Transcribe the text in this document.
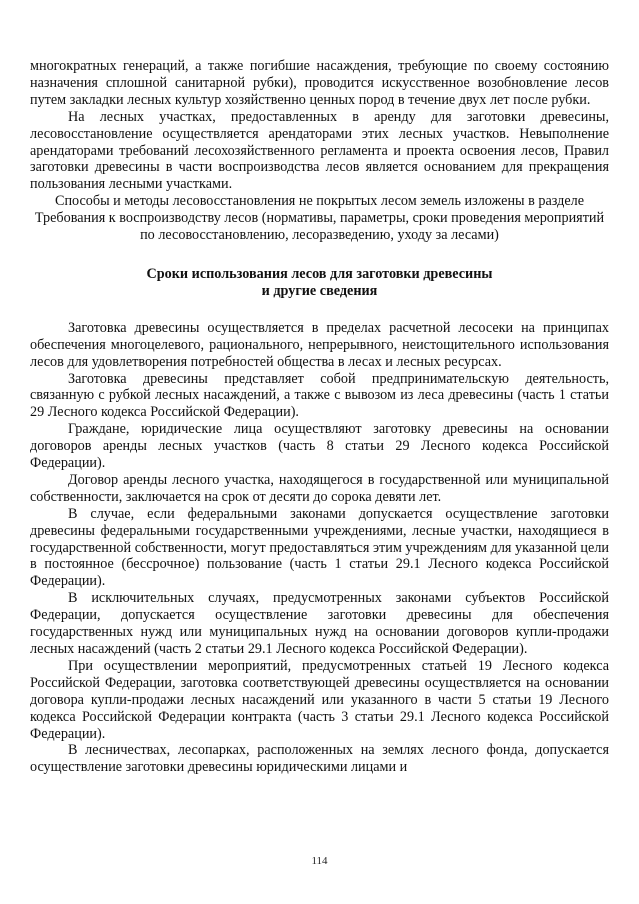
многократных генераций, а также погибшие насаждения, требующие по своему состоянию назначения сплошной санитарной рубки), проводится искусственное возобновление лесов путем закладки лесных культур хозяйственно ценных пород в течение двух лет после рубки.

На лесных участках, предоставленных в аренду для заготовки древесины, лесовосстановление осуществляется арендаторами этих лесных участков. Невыполнение арендаторами требований лесохозяйственного регламента и проекта освоения лесов, Правил заготовки древесины в части воспроизводства лесов является основанием для прекращения пользования лесными участками.

Способы и методы лесовосстановления не покрытых лесом земель изложены в разделе Требования к воспроизводству лесов (нормативы, параметры, сроки проведения мероприятий по лесовосстановлению, лесоразведению, уходу за лесами)

Сроки использования лесов для заготовки древесины
и другие сведения

Заготовка древесины осуществляется в пределах расчетной лесосеки на принципах обеспечения многоцелевого, рационального, непрерывного, неистощительного использования лесов для удовлетворения потребностей общества в лесах и лесных ресурсах.

Заготовка древесины представляет собой предпринимательскую деятельность, связанную с рубкой лесных насаждений, а также с вывозом из леса древесины (часть 1 статьи 29 Лесного кодекса Российской Федерации).

Граждане, юридические лица осуществляют заготовку древесины на основании договоров аренды лесных участков (часть 8 статьи 29 Лесного кодекса Российской Федерации).

Договор аренды лесного участка, находящегося в государственной или муниципальной собственности, заключается на срок от десяти до сорока девяти лет.

В случае, если федеральными законами допускается осуществление заготовки древесины федеральными государственными учреждениями, лесные участки, находящиеся в государственной собственности, могут предоставляться этим учреждениям для указанной цели в постоянное (бессрочное) пользование (часть 1 статьи 29.1 Лесного кодекса Российской Федерации).

В исключительных случаях, предусмотренных законами субъектов Российской Федерации, допускается осуществление заготовки древесины для обеспечения государственных нужд или муниципальных нужд на основании договоров купли-продажи лесных насаждений (часть 2 статьи 29.1 Лесного кодекса Российской Федерации).

При осуществлении мероприятий, предусмотренных статьей 19 Лесного кодекса Российской Федерации, заготовка соответствующей древесины осуществляется на основании договора купли-продажи лесных насаждений или указанного в части 5 статьи 19 Лесного кодекса Российской Федерации контракта (часть 3 статьи 29.1 Лесного кодекса Российской Федерации).

В лесничествах, лесопарках, расположенных на землях лесного фонда, допускается осуществление заготовки древесины юридическими лицами и

114
